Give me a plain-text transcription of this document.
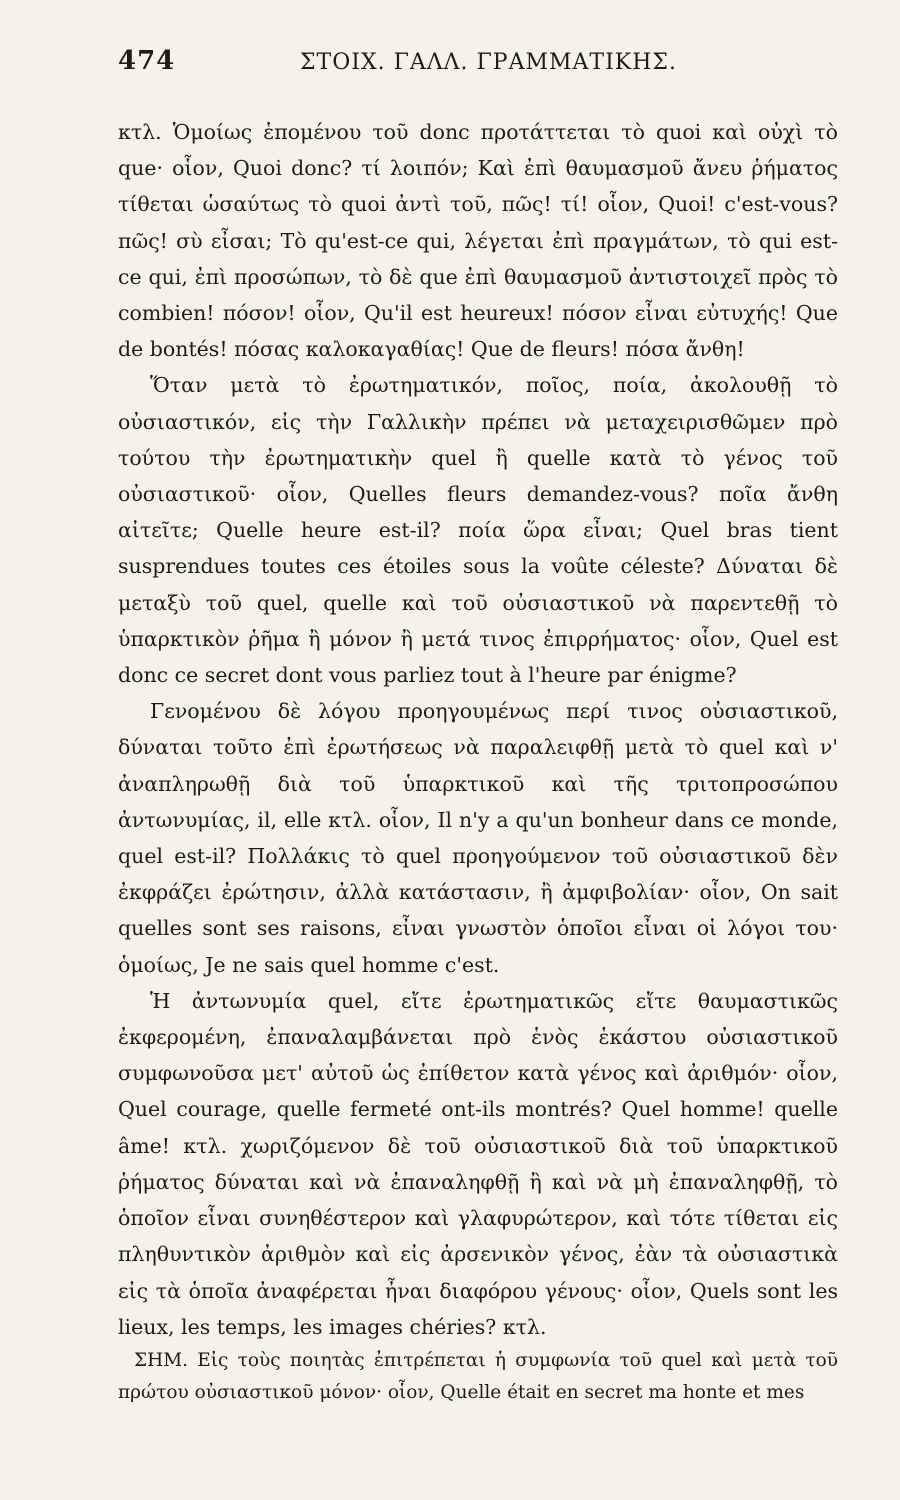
474	ΣΤΟΙΧ. ΓΑΛΛ. ΓΡΑΜΜΑΤΙΚΗΣ.

κτλ. Ὁμοίως ἑπομένου τοῦ donc προτάττεται τὸ quoi καὶ οὐχὶ τὸ que· οἷον, Quoi donc? τί λοιπόν; Καὶ ἐπὶ θαυμασμοῦ ἄνευ ῥήματος τίθεται ὡσαύτως τὸ quoi ἀντὶ τοῦ, πῶς! τί! οἷον, Quoi! c'est-vous? πῶς! σὺ εἶσαι; Τὸ qu'est-ce qui, λέγεται ἐπὶ πραγμάτων, τὸ qui est-ce qui, ἐπὶ προσώπων, τὸ δὲ que ἐπὶ θαυμασμοῦ ἀντιστοιχεῖ πρὸς τὸ combien! πόσον! οἷον, Qu'il est heureux! πόσον εἶναι εὐτυχής! Que de bontés! πόσας καλοκαγαθίας! Que de fleurs! πόσα ἄνθη!

Ὅταν μετὰ τὸ ἐρωτηματικόν, ποῖος, ποία, ἀκολουθῇ τὸ οὐσιαστικόν, εἰς τὴν Γαλλικὴν πρέπει νὰ μεταχειρισθῶμεν πρὸ τούτου τὴν ἐρωτηματικὴν quel ἢ quelle κατὰ τὸ γένος τοῦ οὐσιαστικοῦ· οἷον, Quelles fleurs demandez-vous? ποῖα ἄνθη αἰτεῖτε; Quelle heure est-il? ποία ὥρα εἶναι; Quel bras tient susprendues toutes ces étoiles sous la voûte céleste? Δύναται δὲ μεταξὺ τοῦ quel, quelle καὶ τοῦ οὐσιαστικοῦ νὰ παρεντεθῇ τὸ ὑπαρκτικὸν ῥῆμα ἢ μόνον ἢ μετά τινος ἐπιρρήματος· οἷον, Quel est donc ce secret dont vous parliez tout à l'heure par énigme?

Γενομένου δὲ λόγου προηγουμένως περί τινος οὐσιαστικοῦ, δύναται τοῦτο ἐπὶ ἐρωτήσεως νὰ παραλειφθῇ μετὰ τὸ quel καὶ ν' ἀναπληρωθῇ διὰ τοῦ ὑπαρκτικοῦ καὶ τῆς τριτοπροσώπου ἀντωνυμίας, il, elle κτλ. οἷον, Il n'y a qu'un bonheur dans ce monde, quel est-il? Πολλάκις τὸ quel προηγούμενον τοῦ οὐσιαστικοῦ δὲν ἐκφράζει ἐρώτησιν, ἀλλὰ κατάστασιν, ἢ ἀμφιβολίαν· οἷον, On sait quelles sont ses raisons, εἶναι γνωστὸν ὁποῖοι εἶναι οἱ λόγοι του· ὁμοίως, Je ne sais quel homme c'est.

Ἡ ἀντωνυμία quel, εἴτε ἐρωτηματικῶς εἴτε θαυμαστικῶς ἐκφερομένη, ἐπαναλαμβάνεται πρὸ ἑνὸς ἑκάστου οὐσιαστικοῦ συμφωνοῦσα μετ' αὐτοῦ ὡς ἐπίθετον κατὰ γένος καὶ ἀριθμόν· οἷον, Quel courage, quelle fermeté ont-ils montrés? Quel homme! quelle âme! κτλ. χωριζόμενον δὲ τοῦ οὐσιαστικοῦ διὰ τοῦ ὑπαρκτικοῦ ῥήματος δύναται καὶ νὰ ἐπαναληφθῇ ἢ καὶ νὰ μὴ ἐπαναληφθῇ, τὸ ὁποῖον εἶναι συνηθέστερον καὶ γλαφυρώτερον, καὶ τότε τίθεται εἰς πληθυντικὸν ἀριθμὸν καὶ εἰς ἀρσενικὸν γένος, ἐὰν τὰ οὐσιαστικὰ εἰς τὰ ὁποῖα ἀναφέρεται ἦναι διαφόρου γένους· οἷον, Quels sont les lieux, les temps, les images chéries? κτλ.

ΣΗΜ. Εἰς τοὺς ποιητὰς ἐπιτρέπεται ἡ συμφωνία τοῦ quel καὶ μετὰ τοῦ πρώτου οὐσιαστικοῦ μόνον· οἷον, Quelle était en secret ma honte et mes
